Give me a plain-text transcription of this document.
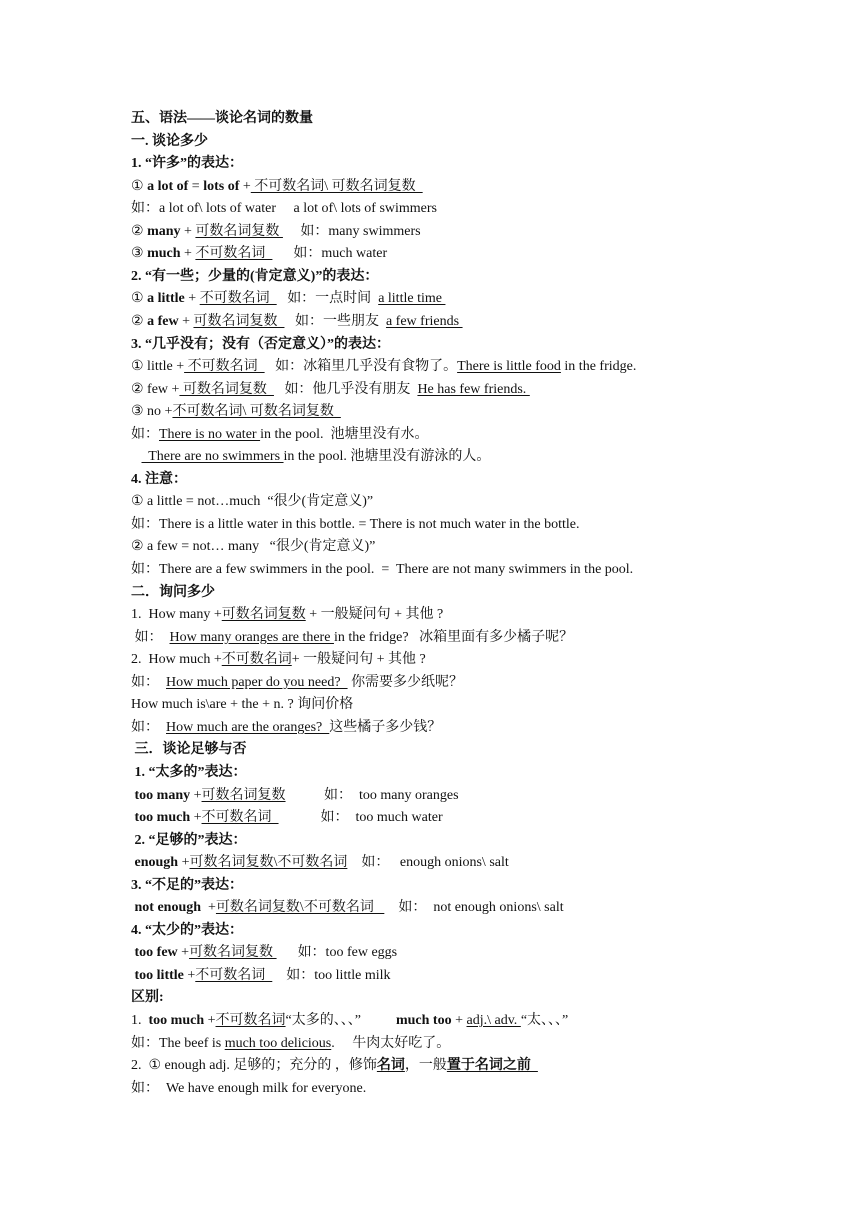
五、语法——谈论名词的数量
一. 谈论多少
1. “许多”的表达：
① a lot of = lots of + 不可数名词\ 可数名词复数
如：a lot of\ lots of water     a lot of\ lots of swimmers
② many + 可数名词复数      如：many swimmers
③ much + 不可数名词        如：much water
2. “有一些；少量的(肯定意义)”的表达：
① a little + 不可数名词     如：一点时间  a little time
② a few + 可数名词复数     如：一些朋友  a few friends
3. “几乎没有；没有（否定意义）”的表达：
① little + 不可数名词     如：冰箱里几乎没有食物了。There is little food in the fridge.
② few + 可数名词复数     如：他几乎没有朋友  He has few friends.
③ no +不可数名词\ 可数名词复数
如：There is no water in the pool.  池塘里没有水。
There are no swimmers in the pool. 池塘里没有游泳的人。
4. 注意：
① a little = not…much  “很少(肯定意义)”
如：There is a little water in this bottle. = There is not much water in the bottle.
② a few = not… many   “很少(肯定意义)”
如：There are a few swimmers in the pool.  =  There are not many swimmers in the pool.
二．询问多少
1.  How many +可数名词复数 + 一般疑问句 + 其他 ?
如：  How many oranges are there in the fridge?   冰箱里面有多少橘子呢？
2.  How much +不可数名词+ 一般疑问句 + 其他 ?
如：  How much paper do you need?   你需要多少纸呢？
How much is\are + the + n. ? 询问价格
如：  How much are the oranges?  这些橘子多少钱？
三．谈论足够与否
1. “太多的”表达：
too many +可数名词复数           如：  too many oranges
too much +不可数名词              如：  too much water
2. “足够的”表达：
enough +可数名词复数\不可数名词    如：   enough onions\ salt
3. “不足的”表达：
not enough  +可数名词复数\不可数名词       如：  not enough onions\ salt
4. “太少的”表达：
too few +可数名词复数       如：too few eggs
too little +不可数名词      如：too little milk
区别:
1.  too much +不可数名词“太多的、、、”          much too + adj.\ adv. “太、、、”
如：The beef is much too delicious.     牛肉太好吃了。
2.  ① enough adj. 足够的；充分的 ，修饰名词，一般置于名词之前
如：  We have enough milk for everyone.
